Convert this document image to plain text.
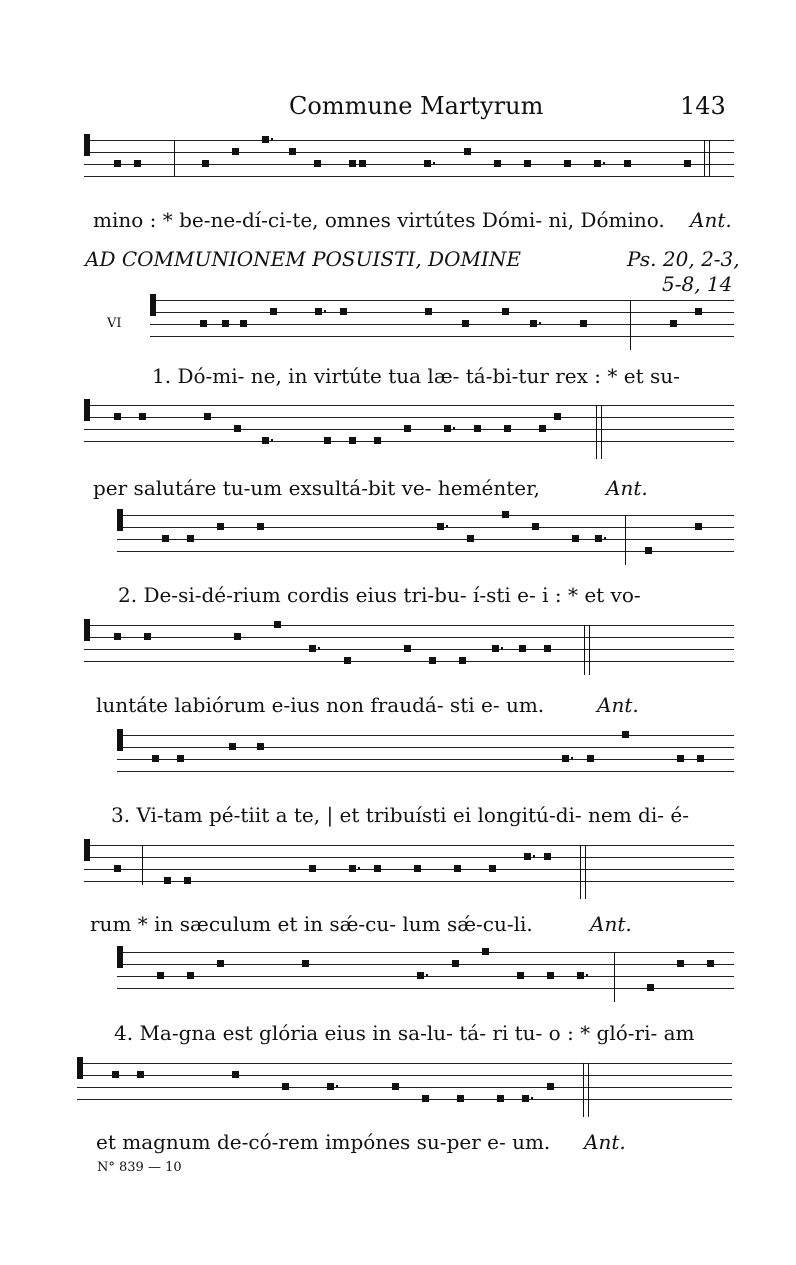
Commune Martyrum	143
mino : * be-ne-dí-ci-te, omnes virtútes Dómi- ni, Dómino. Ant.
AD COMMUNIONEM POSUISTI, DOMINE	Ps. 20, 2-3,
5-8, 14
VI
1. Dó-mi- ne, in virtúte tua læ- tá-bi-tur rex : * et su-
per salutáre tu-um exsultá-bit ve- heménter,	Ant.
2. De-si-dé-rium cordis eius tri-bu- í-sti e- i : * et vo-
luntáte labiórum e-ius non fraudá- sti e- um.	Ant.
3. Vi-tam pé-tiit a te, | et tribuísti ei longitú-di- nem di- é-
rum * in sæculum et in sǽ-cu- lum sǽ-cu-li.	Ant.
4. Ma-gna est glória eius in sa-lu- tá- ri tu- o : * gló-ri- am
et magnum de-có-rem impónes su-per e- um. Ant.
N° 839 — 10
